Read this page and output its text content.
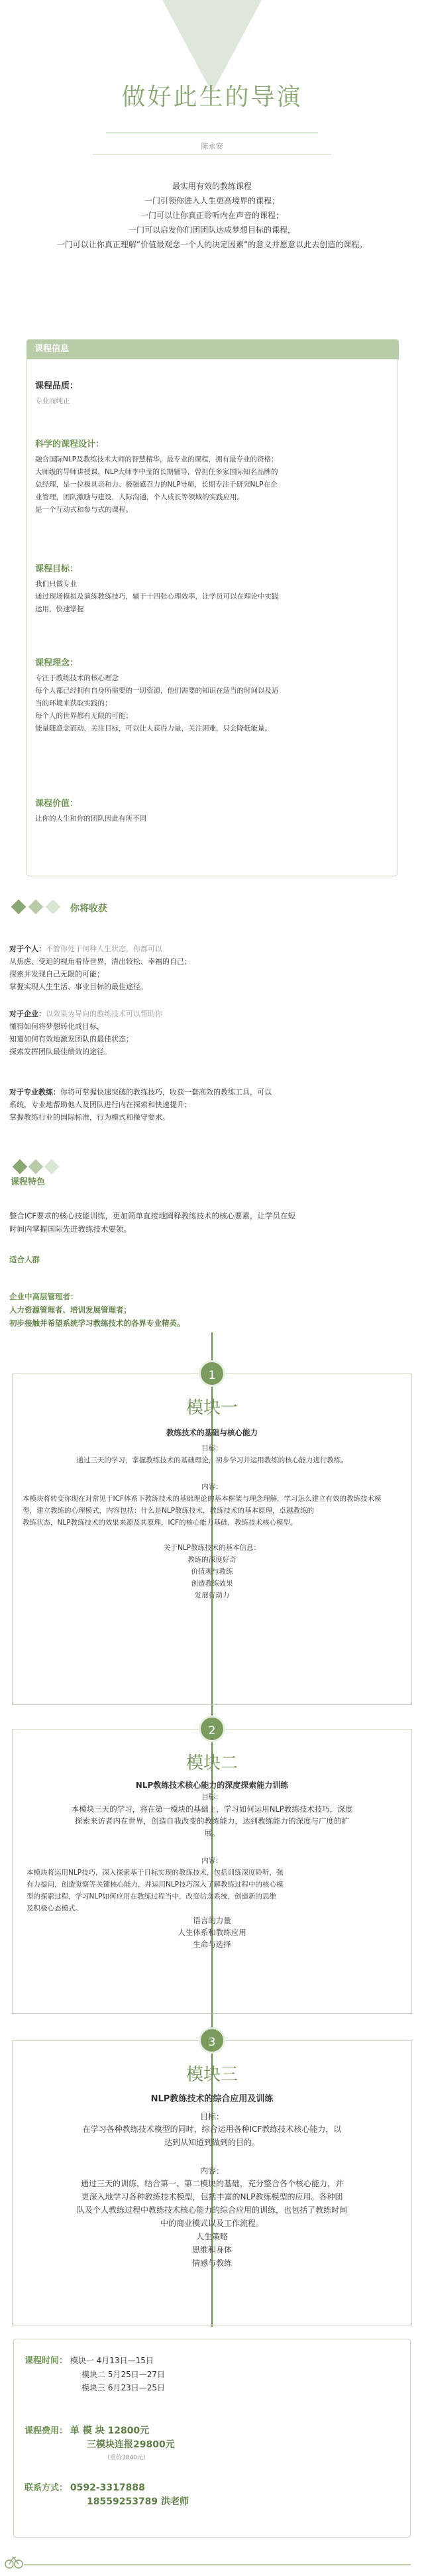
做好此生的导演
陈永安
最实用有效的教练课程
一门引领你进入人生更高境界的课程；
一门可以让你真正聆听内在声音的课程；
一门可以启发你们团团队达成梦想目标的课程，
一门可以让你真正理解“价值最观念一个人的决定因素”的意义并愿意以此去创造的课程。
课程信息
课程品质：
专业而纯正
科学的课程设计：
融合国际NLP及教练技术大师的智慧精华，最专业的课程，拥有最专业的资格；
大师级的导师讲授课，NLP大师李中莹的长期辅导，曾担任多家国际知名品牌的
总经理，是一位极具亲和力、极强感召力的NLP导师，长期专注于研究NLP在企
业管理，团队激励与建设，人际沟通，个人成长等领域的实践应用。
是一个互动式和参与式的课程。
课程目标：
我们只做专业
通过现场模拟及演练教练技巧，辅于十四张心理效率，让学员可以在理论中实践
运用，快速掌握
课程理念：
专注于教练技术的核心理念
每个人都已经拥有自身所需要的一切资源，他们需要的知识在适当的时间以及适
当的环境来获取实践的；
每个人的世界都有无限的可能；
能量随意念而动，关注目标，可以让人获得力量，关注困难，只会降低能量。
课程价值：
让你的人生和你的团队因此有所不同
你将收获
对于个人：不管你处于何种人生状态，你都可以
从焦虑、受迫的视角看待世界，清出较松、幸福的自己；
探索并发现自己无限的可能；
掌握实现人生生活、事业目标的最佳途径。
对于企业：以效果为导向的教练技术可以帮助你
懂得如何将梦想转化成目标，
知道如何有效地激发团队的最佳状态；
探索发挥团队最佳绩效的途径。
对于专业教练：你将可掌握快速突破的教练技巧，收获一套高效的教练工具，可以
系统，专业地帮助他人及团队进行内在探索和快速提升；
掌握教练行业的国际标准，行为模式和操守要求。
课程特色
整合ICF要求的核心技能训练，更加简单直接地阐释教练技术的核心要素，让学员在短
时间内掌握国际先进教练技术要领。
适合人群
企业中高层管理者：
人力资源管理者、培训发展管理者；
初步接触并希望系统学习教练技术的各界专业精英。
1
模块一
教练技术的基础与核心能力
目标：
通过三天的学习，掌握教练技术的基础理论，初步学习并运用教练的核心能力进行教练。
内容：
本模块将转变你现在对常见于ICF体系下教练技术的基础理论的基本框架与理念理解，学习怎么建立有效的教练技术模
型，建立教练的心理模式，内容包括：什么是NLP教练技术，教练技术的基本原理，卓越教练的
教练状态，NLP教练技术的效果来源及其原理，ICF的核心能力基础，教练技术核心模型。
关于NLP教练技术的基本信息：
教练的深度好奇
价值观与教练
创造教练效果
发展行动力
2
模块二
NLP教练技术核心能力的深度探索能力训练
目标：
本模块三天的学习，将在第一模块的基础上，学习如何运用NLP教练技术技巧，深度
探索来访者内在世界，创造自我改变的教练能力，达到教练能力的深度与广度的扩
展。
内容：
本模块将运用NLP技巧，深入探索基于目标实现的教练技术，包括训练深度聆听，强
有力提问，创造觉察等关键核心能力，并运用NLP技巧深入了解教练过程中的核心模
型的探索过程，学习NLP如何应用在教练过程当中，改变信念系统，创造新的思维
及积极心态模式。
语言的力量
人生体系和教练应用
生命与选择
3
模块三
NLP教练技术的综合应用及训练
目标：
在学习各种教练技术模型的同时，综合运用各种ICF教练技术核心能力，以
达到从知道到做到的目的。
内容：
通过三天的训练，结合第一、第二模块的基础，充分整合各个核心能力，并
更深入地学习各种教练技术模型，包括丰富的NLP教练模型的应用。各种团
队及个人教练过程中教练技术核心能力的综合应用的训练，也包括了教练时间
中的商业模式以及工作流程。
人生策略
思维和身体
情感与教练
课程时间： 模块一 4月13日—15日
模块二 5月25日—27日
模块三 6月23日—25日
课程费用： 单 模 块 12800元
三模块连报29800元
（重价3840元）
联系方式： 0592-3317888
18559253789 洪老师
